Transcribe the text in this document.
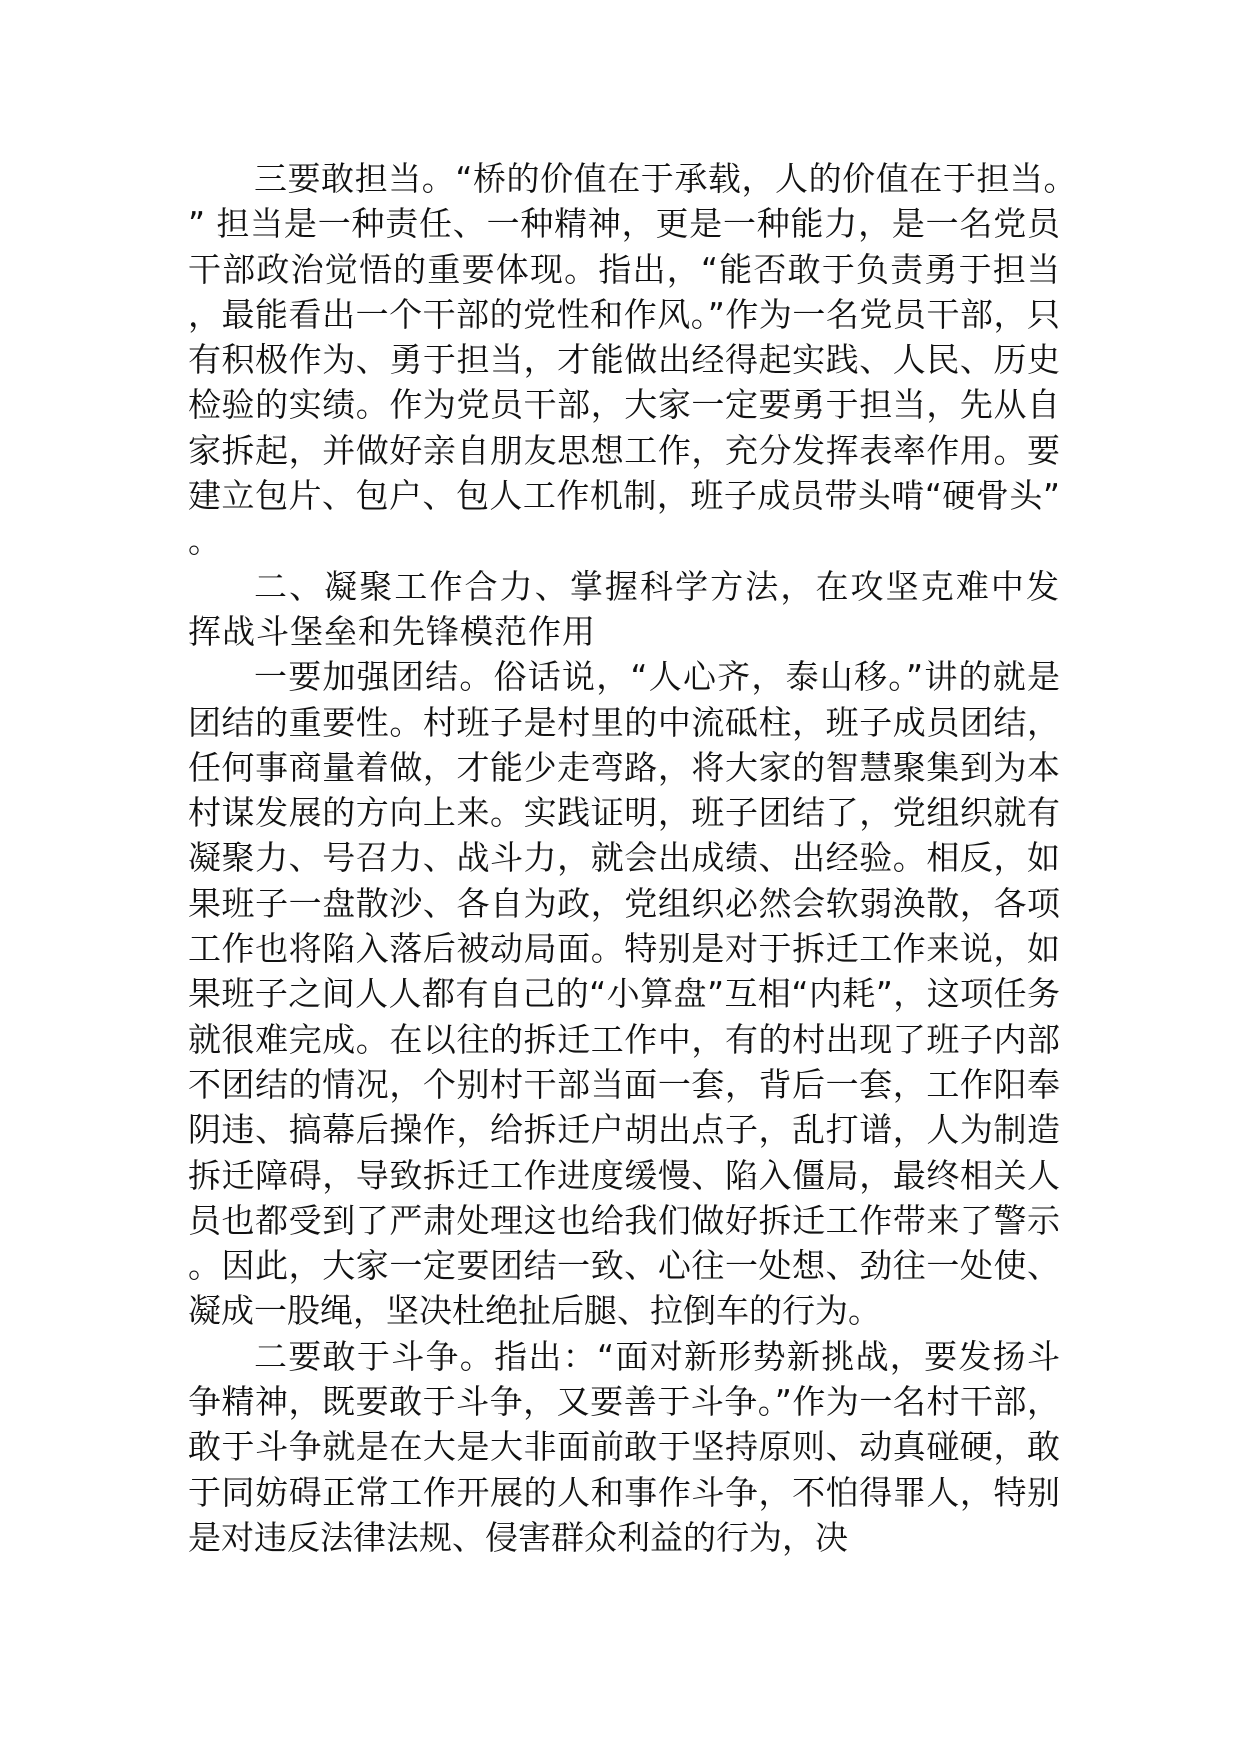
三要敢担当。“桥的价值在于承载，人的价值在于担当。” 担当是一种责任、一种精神，更是一种能力，是一名党员干部政治觉悟的重要体现。指出，“能否敢于负责勇于担当，最能看出一个干部的党性和作风。”作为一名党员干部，只有积极作为、勇于担当，才能做出经得起实践、人民、历史检验的实绩。作为党员干部，大家一定要勇于担当，先从自家拆起，并做好亲自朋友思想工作，充分发挥表率作用。要建立包片、包户、包人工作机制，班子成员带头啃“硬骨头”。

二、凝聚工作合力、掌握科学方法，在攻坚克难中发挥战斗堡垒和先锋模范作用

一要加强团结。俗话说，“人心齐，泰山移。”讲的就是团结的重要性。村班子是村里的中流砥柱，班子成员团结，任何事商量着做，才能少走弯路，将大家的智慧聚集到为本村谋发展的方向上来。实践证明，班子团结了，党组织就有凝聚力、号召力、战斗力，就会出成绩、出经验。相反，如果班子一盘散沙、各自为政，党组织必然会软弱涣散，各项工作也将陷入落后被动局面。特别是对于拆迁工作来说，如果班子之间人人都有自己的“小算盘”互相“内耗”，这项任务就很难完成。在以往的拆迁工作中，有的村出现了班子内部不团结的情况，个别村干部当面一套，背后一套，工作阳奉阴违、搞幕后操作，给拆迁户胡出点子，乱打谱，人为制造拆迁障碍，导致拆迁工作进度缓慢、陷入僵局，最终相关人员也都受到了严肃处理这也给我们做好拆迁工作带来了警示。因此，大家一定要团结一致、心往一处想、劲往一处使、凝成一股绳，坚决杜绝扯后腿、拉倒车的行为。

二要敢于斗争。指出：“面对新形势新挑战，要发扬斗争精神，既要敢于斗争，又要善于斗争。”作为一名村干部，敢于斗争就是在大是大非面前敢于坚持原则、动真碰硬，敢于同妨碍正常工作开展的人和事作斗争，不怕得罪人，特别是对违反法律法规、侵害群众利益的行为，决
